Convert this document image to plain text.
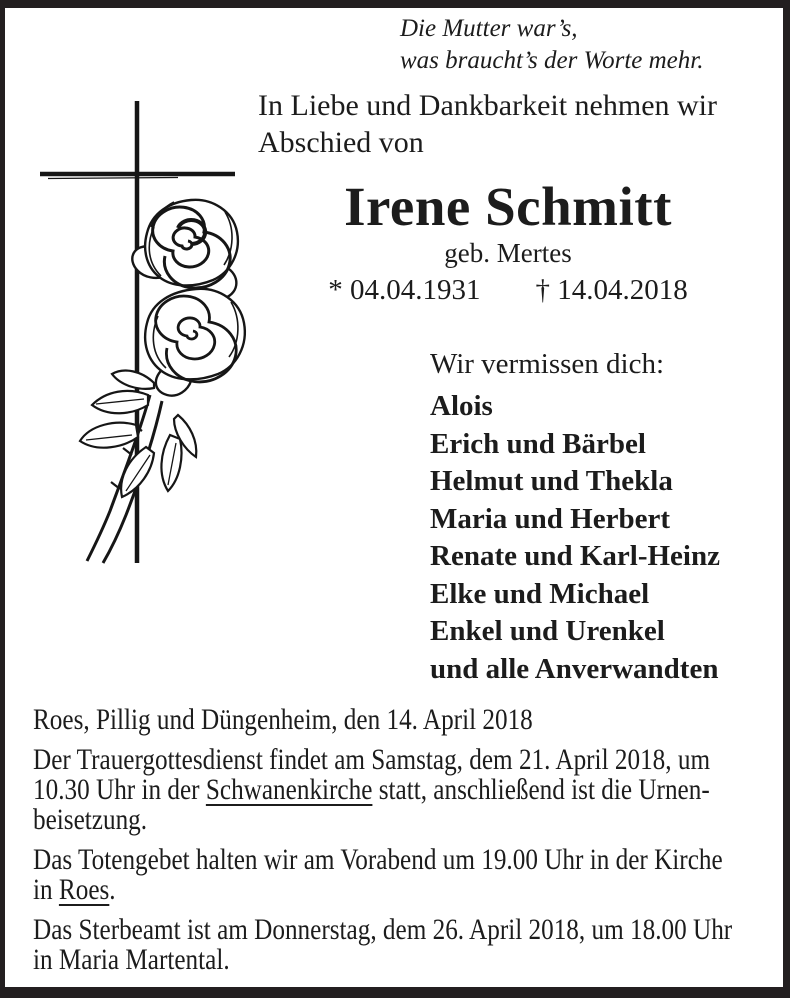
Die Mutter war’s,
was braucht’s der Worte mehr.
In Liebe und Dankbarkeit nehmen wir
Abschied von
Irene Schmitt
geb. Mertes
* 04.04.1931 † 14.04.2018
Wir vermissen dich:
Alois
Erich und Bärbel
Helmut und Thekla
Maria und Herbert
Renate und Karl-Heinz
Elke und Michael
Enkel und Urenkel
und alle Anverwandten
Roes, Pillig und Düngenheim, den 14. April 2018
Der Trauergottesdienst findet am Samstag, dem 21. April 2018, um
10.30 Uhr in der Schwanenkirche statt, anschließend ist die Urnen-
beisetzung.
Das Totengebet halten wir am Vorabend um 19.00 Uhr in der Kirche
in Roes.
Das Sterbeamt ist am Donnerstag, dem 26. April 2018, um 18.00 Uhr
in Maria Martental.
